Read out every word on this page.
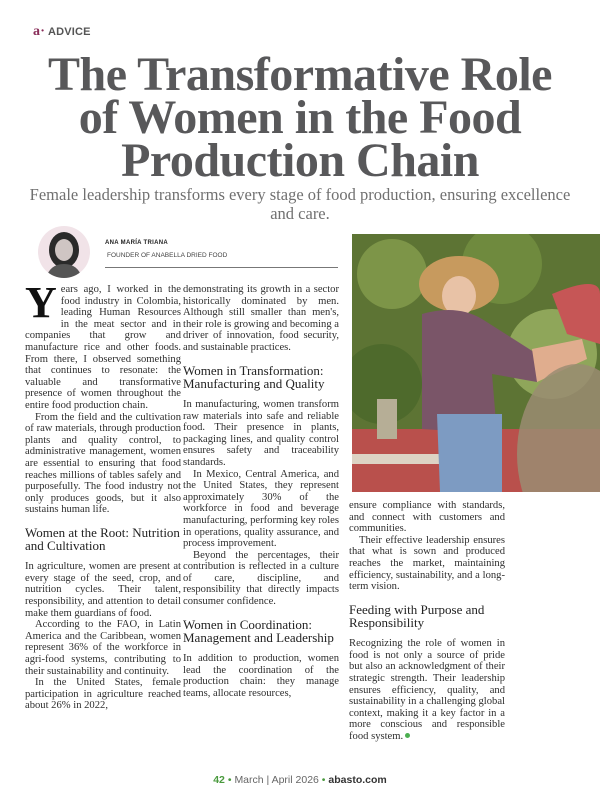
a· ADVICE
The Transformative Role
of Women in the Food
Production Chain
Female leadership transforms every stage of food production, ensuring excellence and care.
ANA MARÍA TRIANA
FOUNDER OF ANABELLA DRIED FOOD

Years ago, I worked in the food industry in Colombia, leading Human Resources in the meat sector and in companies that grow and manufacture rice and other foods. From there, I observed something that continues to resonate: the valuable and transformative presence of women throughout the entire food production chain.

From the field and the cultivation of raw materials, through production plants and quality control, to administrative management, women are essential to ensuring that food reaches millions of tables safely and purposefully. The food industry not only produces goods, but it also sustains human life.

Women at the Root: Nutrition and Cultivation

In agriculture, women are present at every stage of the seed, crop, and nutrition cycles. Their talent, responsibility, and attention to detail make them guardians of food.

According to the FAO, in Latin America and the Caribbean, women represent 36% of the workforce in agri-food systems, contributing to their sustainability and continuity.

In the United States, female participation in agriculture reached about 26% in 2022,

demonstrating its growth in a sector historically dominated by men. Although still smaller than men's, their role is growing and becoming a driver of innovation, food security, and sustainable practices.

Women in Transformation: Manufacturing and Quality

In manufacturing, women transform raw materials into safe and reliable food. Their presence in plants, packaging lines, and quality control ensures safety and traceability standards.

In Mexico, Central America, and the United States, they represent approximately 30% of the workforce in food and beverage manufacturing, performing key roles in operations, quality assurance, and process improvement.

Beyond the percentages, their contribution is reflected in a culture of care, discipline, and responsibility that directly impacts consumer confidence.

Women in Coordination: Management and Leadership

In addition to production, women lead the coordination of the production chain: they manage teams, allocate resources,

ensure compliance with standards, and connect with customers and communities.

Their effective leadership ensures that what is sown and produced reaches the market, maintaining efficiency, sustainability, and a long-term vision.

Feeding with Purpose and Responsibility

Recognizing the role of women in food is not only a source of pride but also an acknowledgment of their strategic strength. Their leadership ensures efficiency, quality, and sustainability in a challenging global context, making it a key factor in a more conscious and responsible food system.

42 • March | April 2026 • abasto.com
